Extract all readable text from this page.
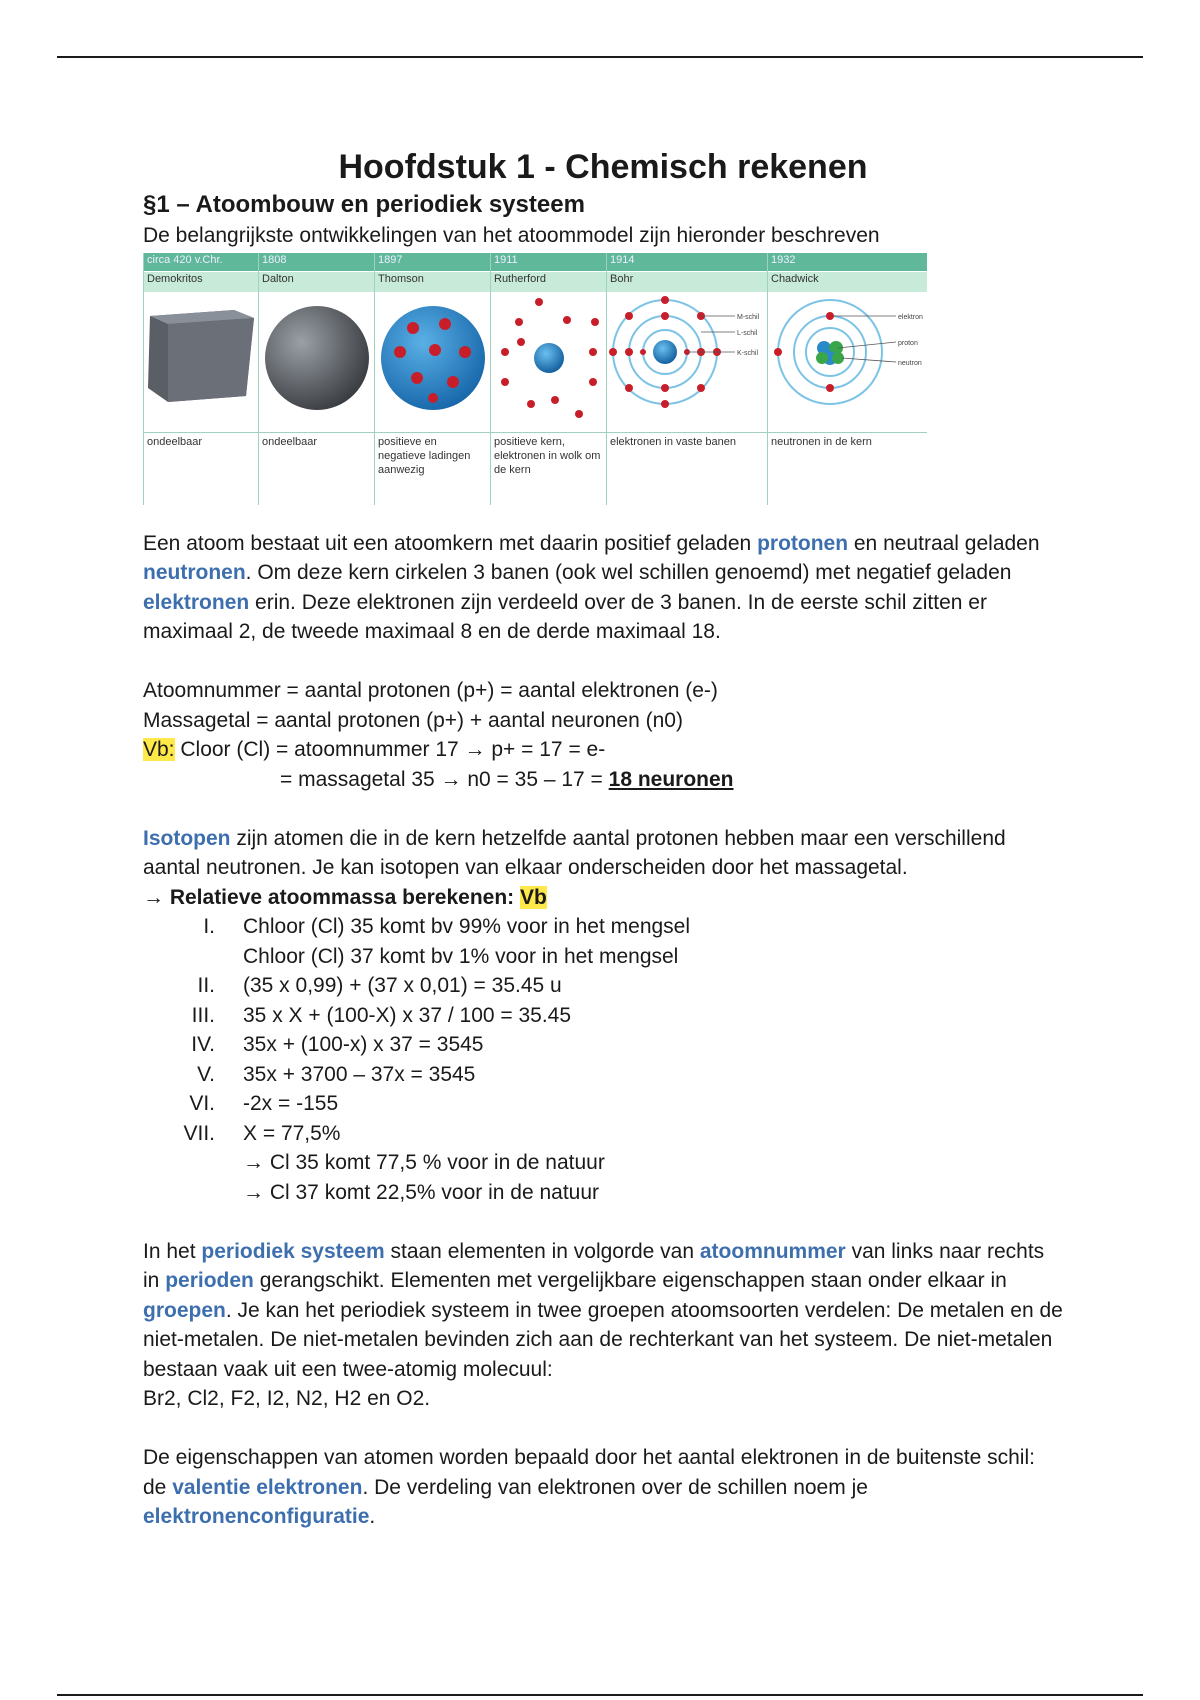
Hoofdstuk 1 - Chemisch rekenen
§1 – Atoombouw en periodiek systeem

De belangrijkste ontwikkelingen van het atoommodel zijn hieronder beschreven

circa 420 v.Chr.	1808	1897	1911	1914	1932
Demokritos	Dalton	Thomson	Rutherford	Bohr	Chadwick

M-schil
L-schil
K-schil	elektron
proton
neutron

ondeelbaar	ondeelbaar	positieve en negatieve ladingen aanwezig	positieve kern, elektronen in wolk om de kern	elektronen in vaste banen	neutronen in de kern

Een atoom bestaat uit een atoomkern met daarin positief geladen protonen en neutraal geladen neutronen. Om deze kern cirkelen 3 banen (ook wel schillen genoemd) met negatief geladen elektronen erin. Deze elektronen zijn verdeeld over de 3 banen. In de eerste schil zitten er maximaal 2, de tweede maximaal 8 en de derde maximaal 18.

Atoomnummer = aantal protonen (p+) = aantal elektronen (e-)

Massagetal = aantal protonen (p+) + aantal neuronen (n0)

Vb: Cloor (Cl) = atoomnummer 17 → p+ = 17 = e-

= massagetal 35 → n0 = 35 – 17 = 18 neuronen

Isotopen zijn atomen die in de kern hetzelfde aantal protonen hebben maar een verschillend aantal neutronen. Je kan isotopen van elkaar onderscheiden door het massagetal.

→ Relatieve atoommassa berekenen: Vb

I.	Chloor (Cl) 35 komt bv 99% voor in het mengsel
Chloor (Cl) 37 komt bv 1% voor in het mengsel
II.	(35 x 0,99) + (37 x 0,01) = 35.45 u
III.	35 x X + (100-X) x 37 / 100 = 35.45
IV.	35x + (100-x) x 37 = 3545
V.	35x + 3700 – 37x = 3545
VI.	-2x = -155
VII.	X = 77,5%
→ Cl 35 komt 77,5 % voor in de natuur
→ Cl 37 komt 22,5% voor in de natuur

In het periodiek systeem staan elementen in volgorde van atoomnummer van links naar rechts in perioden gerangschikt. Elementen met vergelijkbare eigenschappen staan onder elkaar in groepen. Je kan het periodiek systeem in twee groepen atoomsoorten verdelen: De metalen en de niet-metalen. De niet-metalen bevinden zich aan de rechterkant van het systeem. De niet-metalen bestaan vaak uit een twee-atomig molecuul:

Br2, Cl2, F2, I2, N2, H2 en O2.

De eigenschappen van atomen worden bepaald door het aantal elektronen in de buitenste schil: de valentie elektronen. De verdeling van elektronen over de schillen noem je elektronenconfiguratie.
